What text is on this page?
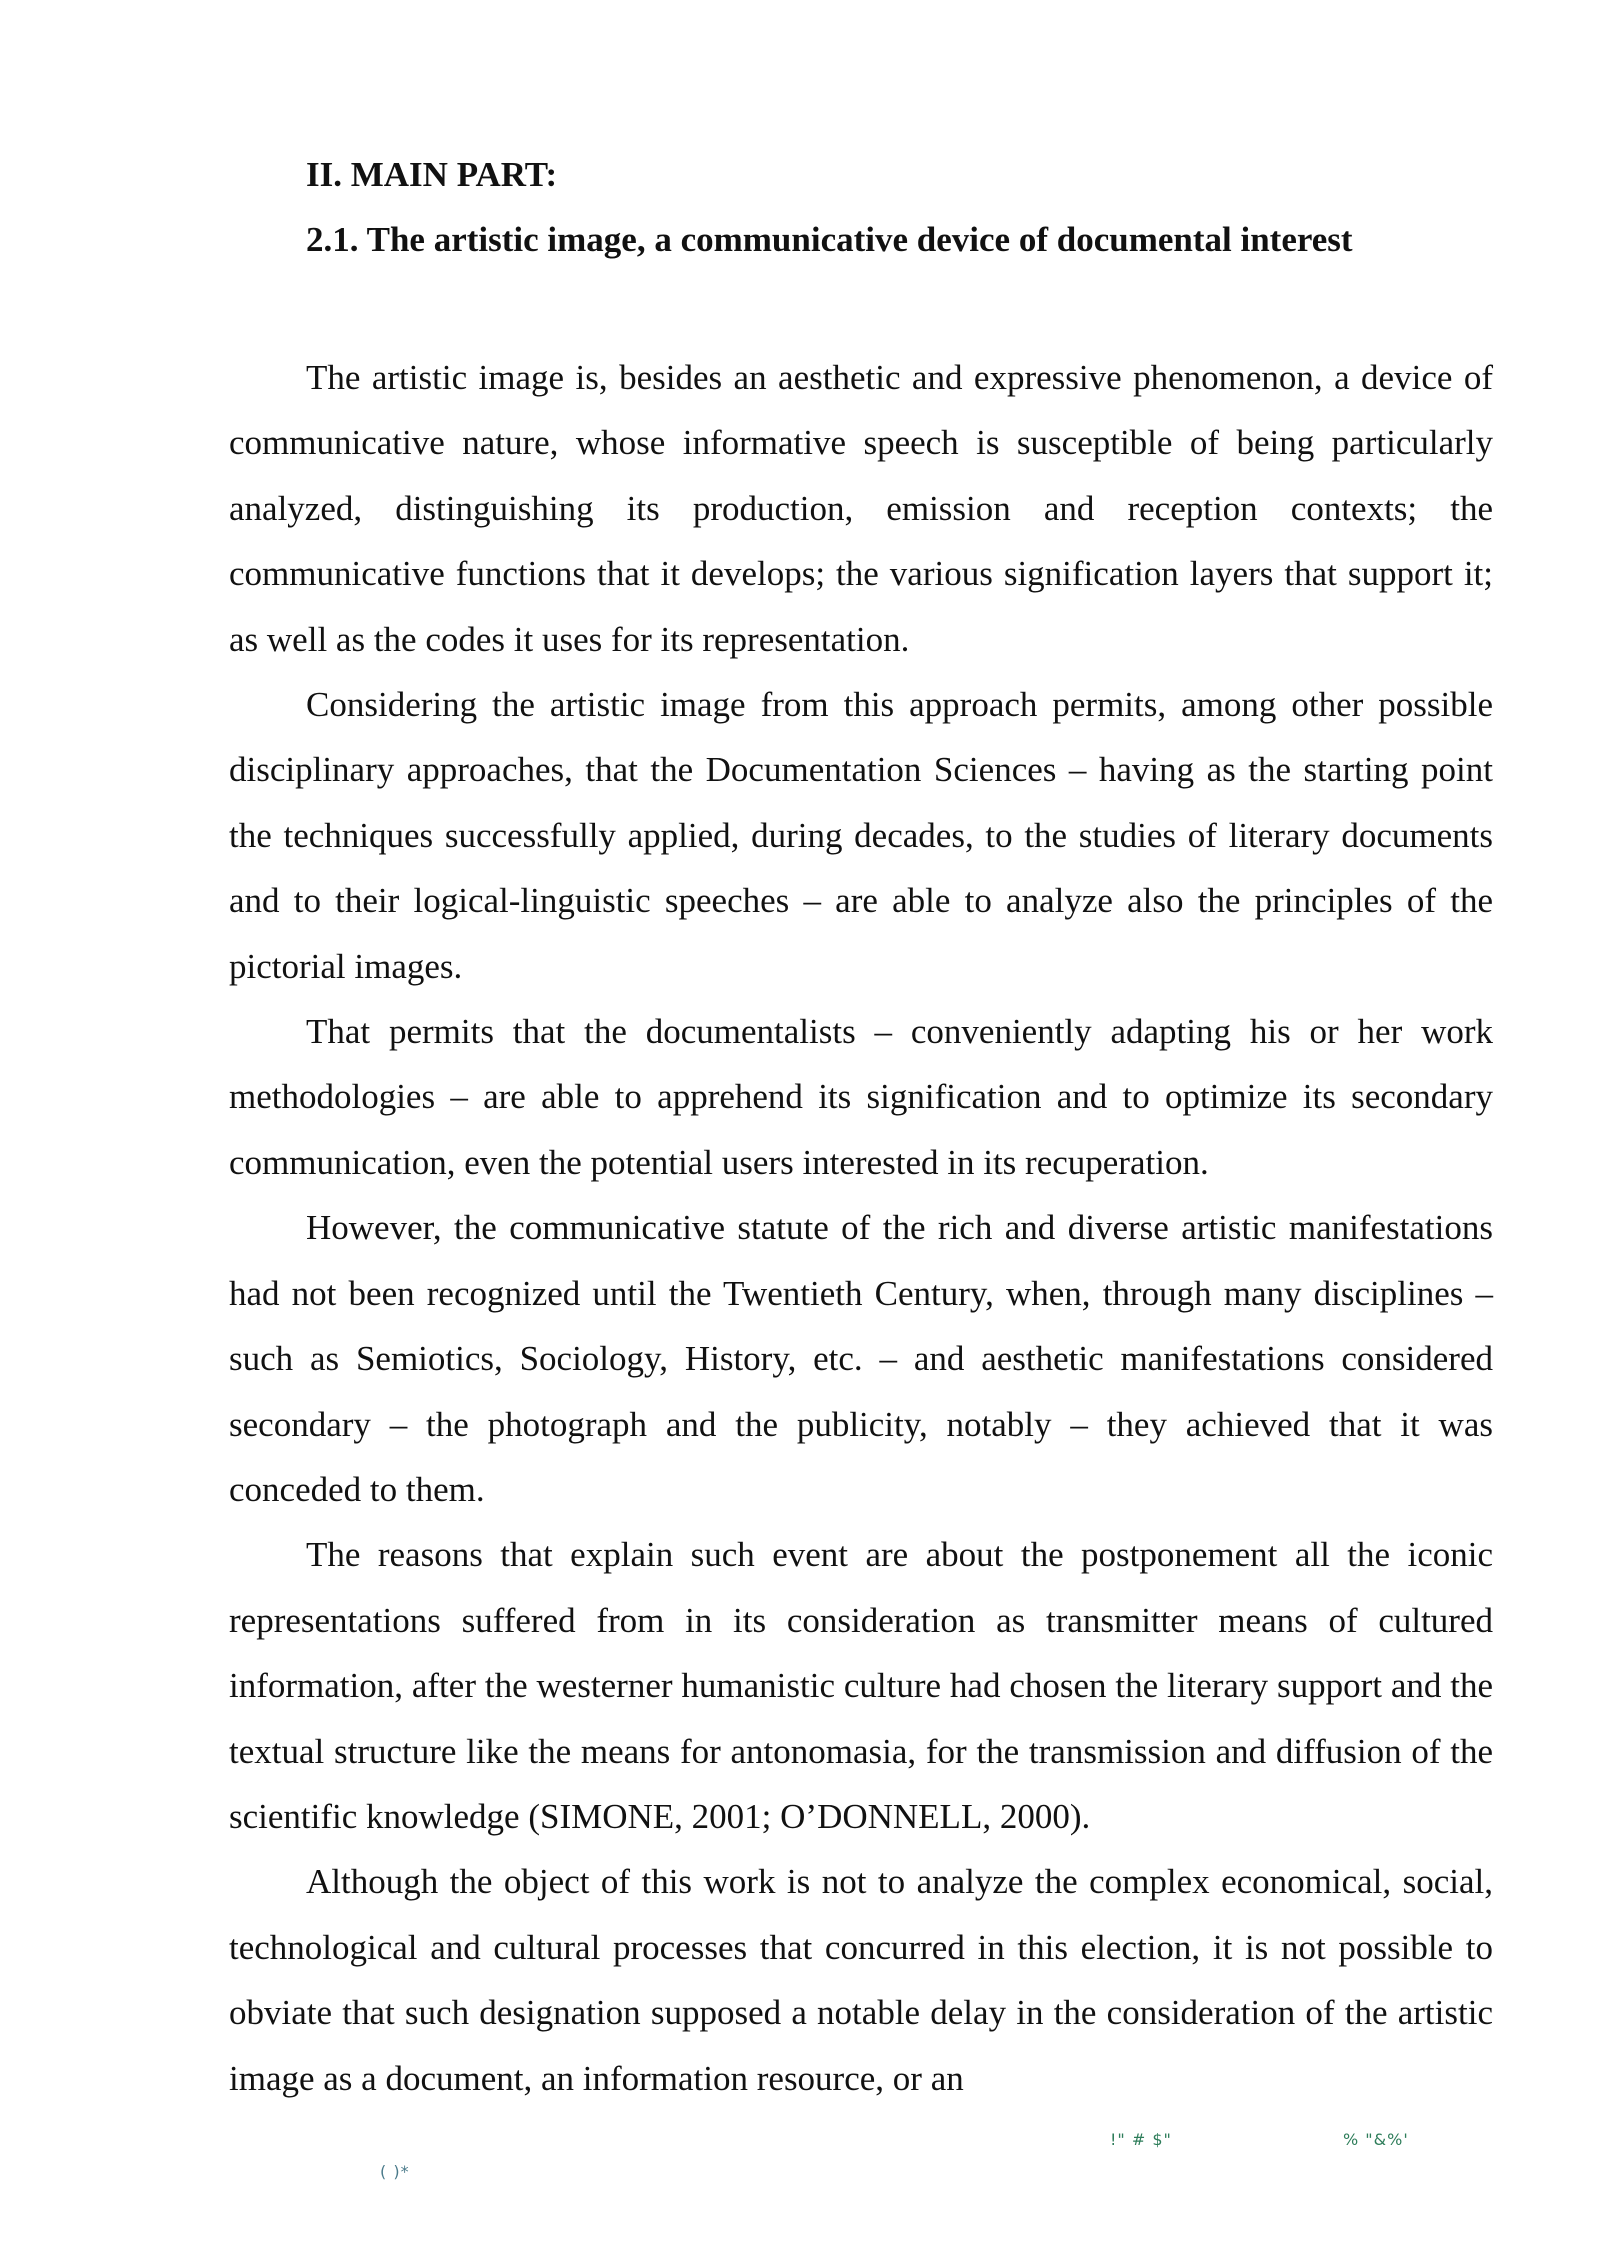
II. MAIN PART:
2.1. The artistic image, a communicative device of documental interest

The artistic image is, besides an aesthetic and expressive phenomenon, a device of communicative nature, whose informative speech is susceptible of being particularly analyzed, distinguishing its production, emission and reception contexts; the communicative functions that it develops; the various signification layers that support it; as well as the codes it uses for its representation.

Considering the artistic image from this approach permits, among other possible disciplinary approaches, that the Documentation Sciences – having as the starting point the techniques successfully applied, during decades, to the studies of literary documents and to their logical-linguistic speeches – are able to analyze also the principles of the pictorial images.

That permits that the documentalists – conveniently adapting his or her work methodologies – are able to apprehend its signification and to optimize its secondary communication, even the potential users interested in its recuperation.

However, the communicative statute of the rich and diverse artistic manifestations had not been recognized until the Twentieth Century, when, through many disciplines – such as Semiotics, Sociology, History, etc. – and aesthetic manifestations considered secondary – the photograph and the publicity, notably – they achieved that it was conceded to them.

The reasons that explain such event are about the postponement all the iconic representations suffered from in its consideration as transmitter means of cultured information, after the westerner humanistic culture had chosen the literary support and the textual structure like the means for antonomasia, for the transmission and diffusion of the scientific knowledge (SIMONE, 2001; O’DONNELL, 2000).

Although the object of this work is not to analyze the complex economical, social, technological and cultural processes that concurred in this election, it is not possible to obviate that such designation supposed a notable delay in the consideration of the artistic image as a document, an information resource, or an

!" # $"	% "&%'
( )*
